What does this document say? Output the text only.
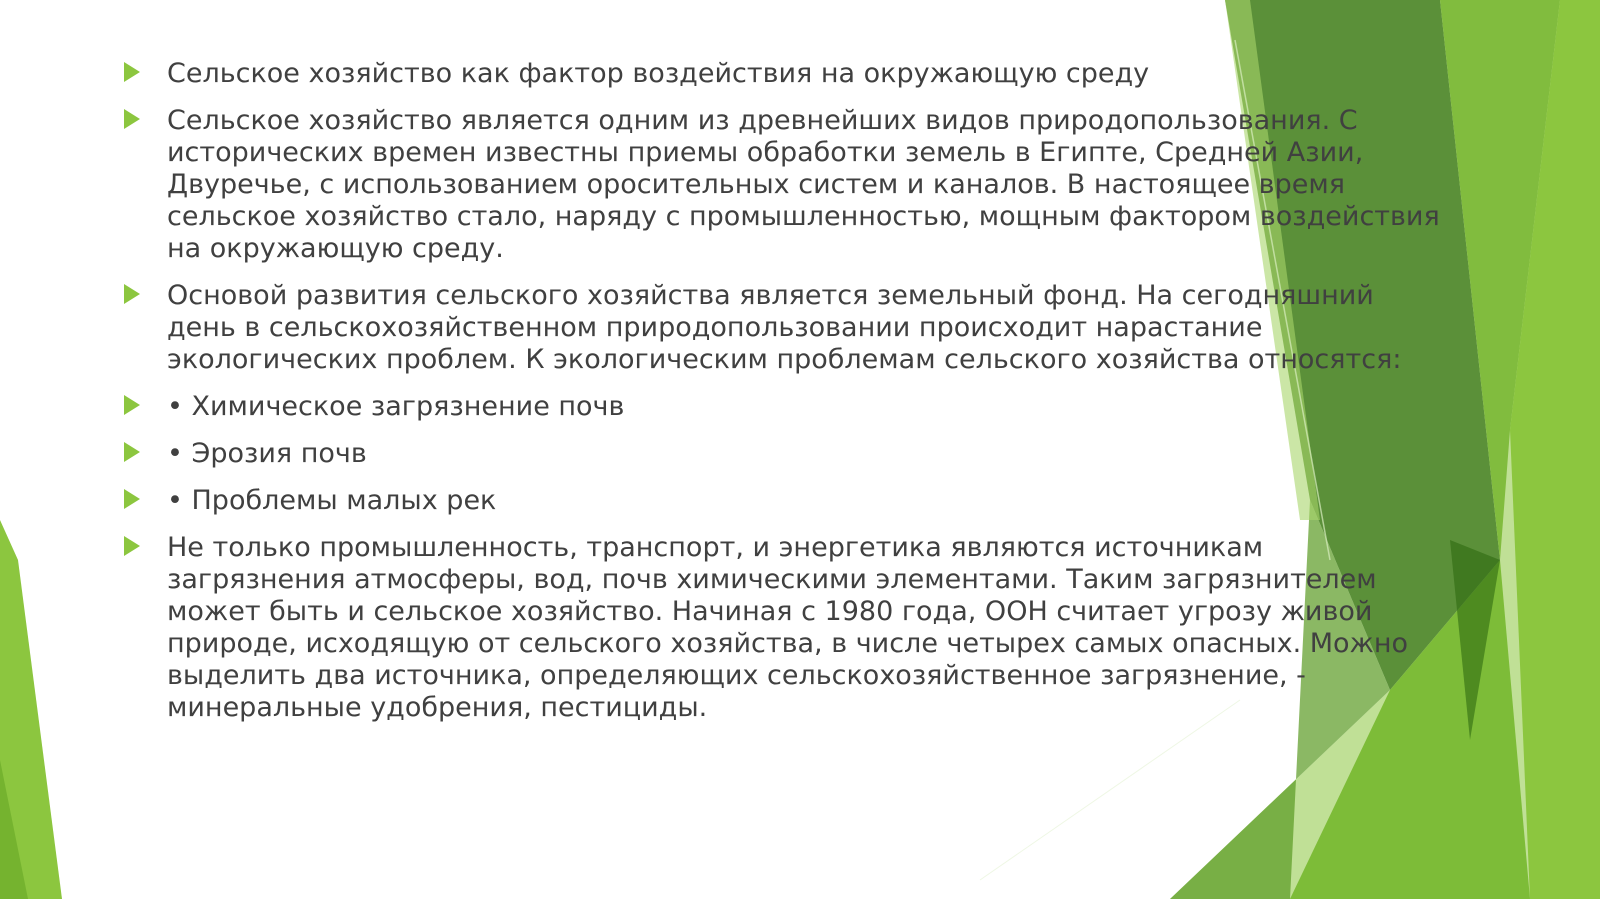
Сельское хозяйство как фактор воздействия на окружающую среду
Сельское хозяйство является одним из древнейших видов природопользования. С исторических времен известны приемы обработки земель в Египте, Средней Азии, Двуречье, с использованием оросительных систем и каналов. В настоящее время сельское хозяйство стало, наряду с промышленностью, мощным фактором воздействия на окружающую среду.
Основой развития сельского хозяйства является земельный фонд. На сегодняшний день в сельскохозяйственном природопользовании происходит нарастание экологических проблем. К экологическим проблемам сельского хозяйства относятся:
• Химическое загрязнение почв
• Эрозия почв
• Проблемы малых рек
Не только промышленность, транспорт, и энергетика являются источникам загрязнения атмосферы, вод, почв химическими элементами. Таким загрязнителем может быть и сельское хозяйство. Начиная с 1980 года, ООН считает угрозу живой природе, исходящую от сельского хозяйства, в числе четырех самых опасных. Можно выделить два источника, определяющих сельскохозяйственное загрязнение, - минеральные удобрения, пестициды.
